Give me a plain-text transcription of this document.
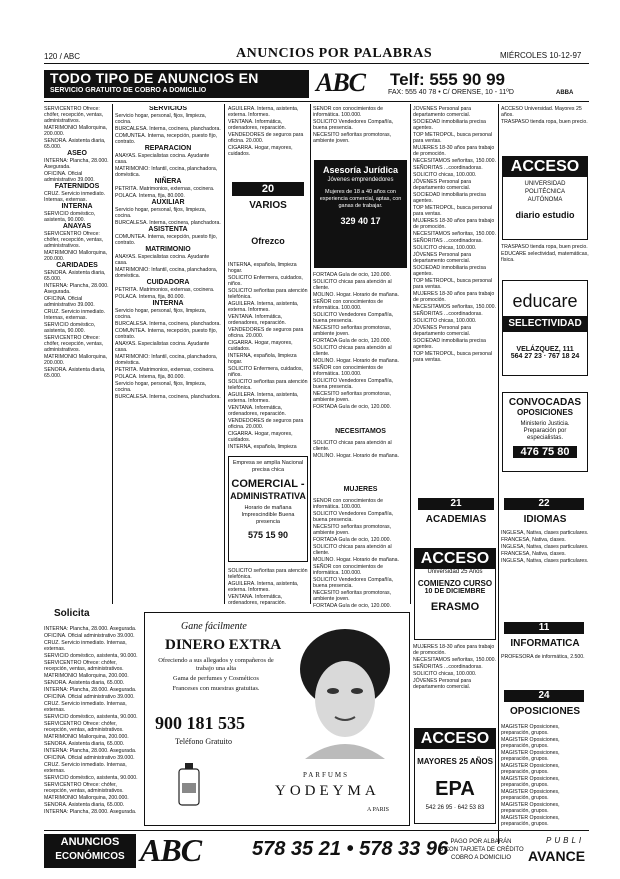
120 / ABC	ANUNCIOS POR PALABRAS	MIÉRCOLES 10-12-97
TODO TIPO DE ANUNCIOS EN
SERVICIO GRATUITO DE COBRO A DOMICILIO	ABC Telf: 555 90 99
FAX: 555 40 78 • C/ ORENSE, 10 - 11ºD	ABBA
SERVICENTRO Ofrece: chófer, recepción, ventas, administrativos.
MATRIMONIO Mallorquina, 200.000.
SENORA. Asistenta diaria, 65.000.
ASEO
INTERNA: Plancha, 28.000. Asegurada.
OFICINA. Oficial administrativo 39.000.
FATERNIDOS
CRUZ. Servicio inmediato. Internas, externas.
INTERNA
SERVICIO doméstico, asistenta, 90.000.
ANAYAS
SERVICENTRO Ofrece: chófer, recepción, ventas, administrativos.
MATRIMONIO Mallorquina, 200.000.
CARIDADES
SENORA. Asistenta diaria, 65.000.
INTERNA: Plancha, 28.000. Asegurada.
OFICINA. Oficial administrativo 39.000.
CRUZ. Servicio inmediato. Internas, externas.
SERVICIO doméstico, asistenta, 90.000.
SERVICENTRO Ofrece: chófer, recepción, ventas, administrativos.
MATRIMONIO Mallorquina, 200.000.
SENORA. Asistenta diaria, 65.000.
Solicita
INTERNA: Plancha, 28.000. Asegurada.
OFICINA. Oficial administrativo 39.000.
CRUZ. Servicio inmediato. Internas, externas.
SERVICIO doméstico, asistenta, 90.000.
SERVICENTRO Ofrece: chófer, recepción, ventas, administrativos.
MATRIMONIO Mallorquina, 200.000.
SENORA. Asistenta diaria, 65.000.
INTERNA: Plancha, 28.000. Asegurada.
OFICINA. Oficial administrativo 39.000.
CRUZ. Servicio inmediato. Internas, externas.
SERVICIO doméstico, asistenta, 90.000.
SERVICENTRO Ofrece: chófer, recepción, ventas, administrativos.
MATRIMONIO Mallorquina, 200.000.
SENORA. Asistenta diaria, 65.000.
INTERNA: Plancha, 28.000. Asegurada.
OFICINA. Oficial administrativo 39.000.
CRUZ. Servicio inmediato. Internas, externas.
SERVICIO doméstico, asistenta, 90.000.
SERVICENTRO Ofrece: chófer, recepción, ventas, administrativos.
MATRIMONIO Mallorquina, 200.000.
SENORA. Asistenta diaria, 65.000.
INTERNA: Plancha, 28.000. Asegurada.
SERVICIOS
Servicio hogar, personal, fijos, limpieza, cocina.
BURCALESA. Interna, cocinera, planchadora.
COMUNTEA. Interna, recepción, puesto fijo, contrato.
REPARACION
ANAYAS. Especialistas cocina. Ayudante casa.
MATRIMONIO: Infantil, cocina, planchadora, doméstica.
NIÑERA
PETRITA. Matrimonios, externas, cocinera.
POLACA. Interna, fija, 80.000.
AUXILIAR
Servicio hogar, personal, fijos, limpieza, cocina.
BURCALESA. Interna, cocinera, planchadora.
ASISTENTA
COMUNTEA. Interna, recepción, puesto fijo, contrato.
MATRIMONIO
ANAYAS. Especialistas cocina. Ayudante casa.
MATRIMONIO: Infantil, cocina, planchadora, doméstica.
CUIDADORA
PETRITA. Matrimonios, externas, cocinera.
POLACA. Interna, fija, 80.000.
INTERNA
Servicio hogar, personal, fijos, limpieza, cocina.
BURCALESA. Interna, cocinera, planchadora.
COMUNTEA. Interna, recepción, puesto fijo, contrato.
ANAYAS. Especialistas cocina. Ayudante casa.
MATRIMONIO: Infantil, cocina, planchadora, doméstica.
PETRITA. Matrimonios, externas, cocinera.
POLACA. Interna, fija, 80.000.
Servicio hogar, personal, fijos, limpieza, cocina.
BURCALESA. Interna, cocinera, planchadora.
AGUILERA. Interna, asistenta, externa. Informes.
VENTANA. Informática, ordenadores, reparación.
VENDEDORES de seguros para oficina. 20.000.
CIGARRA. Hogar, mayores, cuidados.
20
VARIOS
Ofrezco
INTERNA, española, limpieza hogar.
SOLICITO Enfermera, cuidados, niños.
SOLICITO señoritas para atención telefónica.
AGUILERA. Interna, asistenta, externa. Informes.
VENTANA. Informática, ordenadores, reparación.
VENDEDORES de seguros para oficina. 20.000.
CIGARRA. Hogar, mayores, cuidados.
INTERNA, española, limpieza hogar.
SOLICITO Enfermera, cuidados, niños.
SOLICITO señoritas para atención telefónica.
AGUILERA. Interna, asistenta, externa. Informes.
VENTANA. Informática, ordenadores, reparación.
VENDEDORES de seguros para oficina. 20.000.
CIGARRA. Hogar, mayores, cuidados.
INTERNA, española, limpieza
Empresa se amplía Nacional precisa chica
COMERCIAL -
ADMINISTRATIVA
Horario de mañana
Imprescindible Buena presencia
575 15 90
SOLICITO señoritas para atención telefónica.
AGUILERA. Interna, asistenta, externa. Informes.
VENTANA. Informática, ordenadores, reparación.
SEÑOR con conocimientos de informática. 100.000.
SOLICITO Vendedores Compañía, buena presencia.
NECESITO señoritas promotoras, ambiente joven.
Asesoría Jurídica
Jóvenes emprendedores
Mujeres de 18 a 40 años con experiencia comercial, aptas, con ganas de trabajar.
329 40 17
FORTADA Guía de ocio, 120.000.
SOLICITO chicas para atención al cliente.
MOLINO. Hogar. Horario de mañana.
SEÑOR con conocimientos de informática. 100.000.
SOLICITO Vendedores Compañía, buena presencia.
NECESITO señoritas promotoras, ambiente joven.
FORTADA Guía de ocio, 120.000.
SOLICITO chicas para atención al cliente.
MOLINO. Hogar. Horario de mañana.
SEÑOR con conocimientos de informática. 100.000.
SOLICITO Vendedores Compañía, buena presencia.
NECESITO señoritas promotoras, ambiente joven.
FORTADA Guía de ocio, 120.000.
NECESITAMOS
SOLICITO chicas para atención al cliente.
MOLINO. Hogar. Horario de mañana.
MUJERES
SEÑOR con conocimientos de informática. 100.000.
SOLICITO Vendedores Compañía, buena presencia.
NECESITO señoritas promotoras, ambiente joven.
FORTADA Guía de ocio, 120.000.
SOLICITO chicas para atención al cliente.
MOLINO. Hogar. Horario de mañana.
SEÑOR con conocimientos de informática. 100.000.
SOLICITO Vendedores Compañía, buena presencia.
NECESITO señoritas promotoras, ambiente joven.
FORTADA Guía de ocio, 120.000.
JÓVENES Personal para departamento comercial.
SOCIEDAD inmobiliaria precisa agentes.
TOP METROPOL, busca personal para ventas.
MUJERES 18-30 años para trabajo de promoción.
NECESITAMOS señoritas, 150.000.
SEÑORITAS ...coordinadoras.
SOLICITO chicas, 100.000.
JÓVENES Personal para departamento comercial.
SOCIEDAD inmobiliaria precisa agentes.
TOP METROPOL, busca personal para ventas.
MUJERES 18-30 años para trabajo de promoción.
NECESITAMOS señoritas, 150.000.
SEÑORITAS ...coordinadoras.
SOLICITO chicas, 100.000.
JÓVENES Personal para departamento comercial.
SOCIEDAD inmobiliaria precisa agentes.
TOP METROPOL, busca personal para ventas.
MUJERES 18-30 años para trabajo de promoción.
NECESITAMOS señoritas, 150.000.
SEÑORITAS ...coordinadoras.
SOLICITO chicas, 100.000.
JÓVENES Personal para departamento comercial.
SOCIEDAD inmobiliaria precisa agentes.
TOP METROPOL, busca personal para ventas.
ACCESO
Universidad 25 Años
COMIENZO CURSO
10 DE DICIEMBRE
ERASMO
MUJERES 18-30 años para trabajo de promoción.
NECESITAMOS señoritas, 150.000.
SEÑORITAS ...coordinadoras.
SOLICITO chicas, 100.000.
JÓVENES Personal para departamento comercial.
ACCESO
MAYORES 25 AÑOS
EPA
542 26 95 · 642 53 83
ACCESO Universidad. Mayores 25 años.
TRASPASO tienda ropa, buen precio.
ACCESO
UNIVERSIDAD POLITÉCNICA AUTÓNOMA
diario estudio
TRASPASO tienda ropa, buen precio.
EDUCARE selectividad, matemáticas, física.
educare
SELECTIVIDAD
VELÁZQUEZ, 111
564 27 23 · 767 18 24
CONVOCADAS
OPOSICIONES
Ministerio Justicia. Preparación por especialistas.
476 75 80
21
ACADEMIAS
22
IDIOMAS
INGLESA, Nativa, clases particulares.
FRANCESA, Nativa, clases.
INGLESA, Nativa, clases particulares.
FRANCESA, Nativa, clases.
INGLESA, Nativa, clases particulares.
11
INFORMATICA
PROFESORA de informática, 2.500.
24
OPOSICIONES
MAGISTER Oposiciones, preparación, grupos.
MAGISTER Oposiciones, preparación, grupos.
MAGISTER Oposiciones, preparación, grupos.
MAGISTER Oposiciones, preparación, grupos.
MAGISTER Oposiciones, preparación, grupos.
MAGISTER Oposiciones, preparación, grupos.
MAGISTER Oposiciones, preparación, grupos.
MAGISTER Oposiciones, preparación, grupos.
Gane fácilmente
DINERO EXTRA
Ofreciendo a sus allegados y compañeros de trabajo una alta
Gama de perfumes y Cosméticos
Franceses con muestras gratuitas.
900 181 535
Teléfono Gratuito
PARFUMS
YODEYMA
A PARIS
ANUNCIOS
ECONÓMICOS ABC	578 35 21 • 578 33 96 PAGO POR ALBARÁN
O CON TARJETA DE CRÉDITO
COBRO A DOMICILIO
PUBLI
AVANCE
